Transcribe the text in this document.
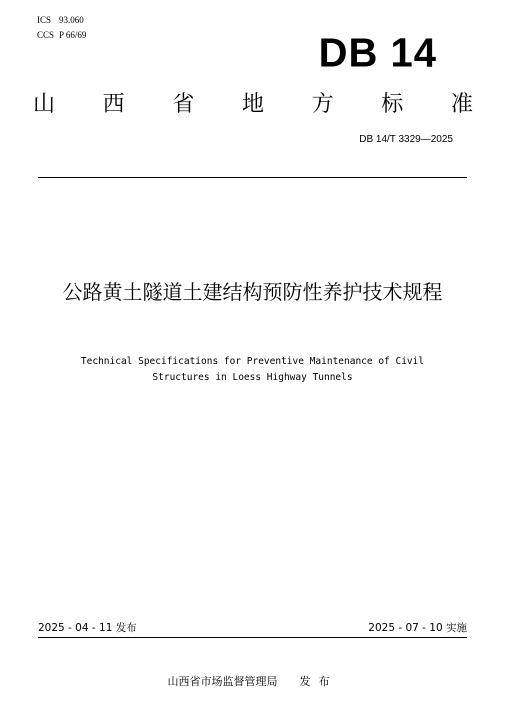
ICS 93.060
CCS P 66/69	DB 14
山 西 省 地 方 标 准
DB 14/T 3329—2025
公路黄土隧道土建结构预防性养护技术规程
Technical Specifications for Preventive Maintenance of Civil
Structures in Loess Highway Tunnels
2025 - 04 - 11 发布	2025 - 07 - 10 实施
山西省市场监督管理局 发布
